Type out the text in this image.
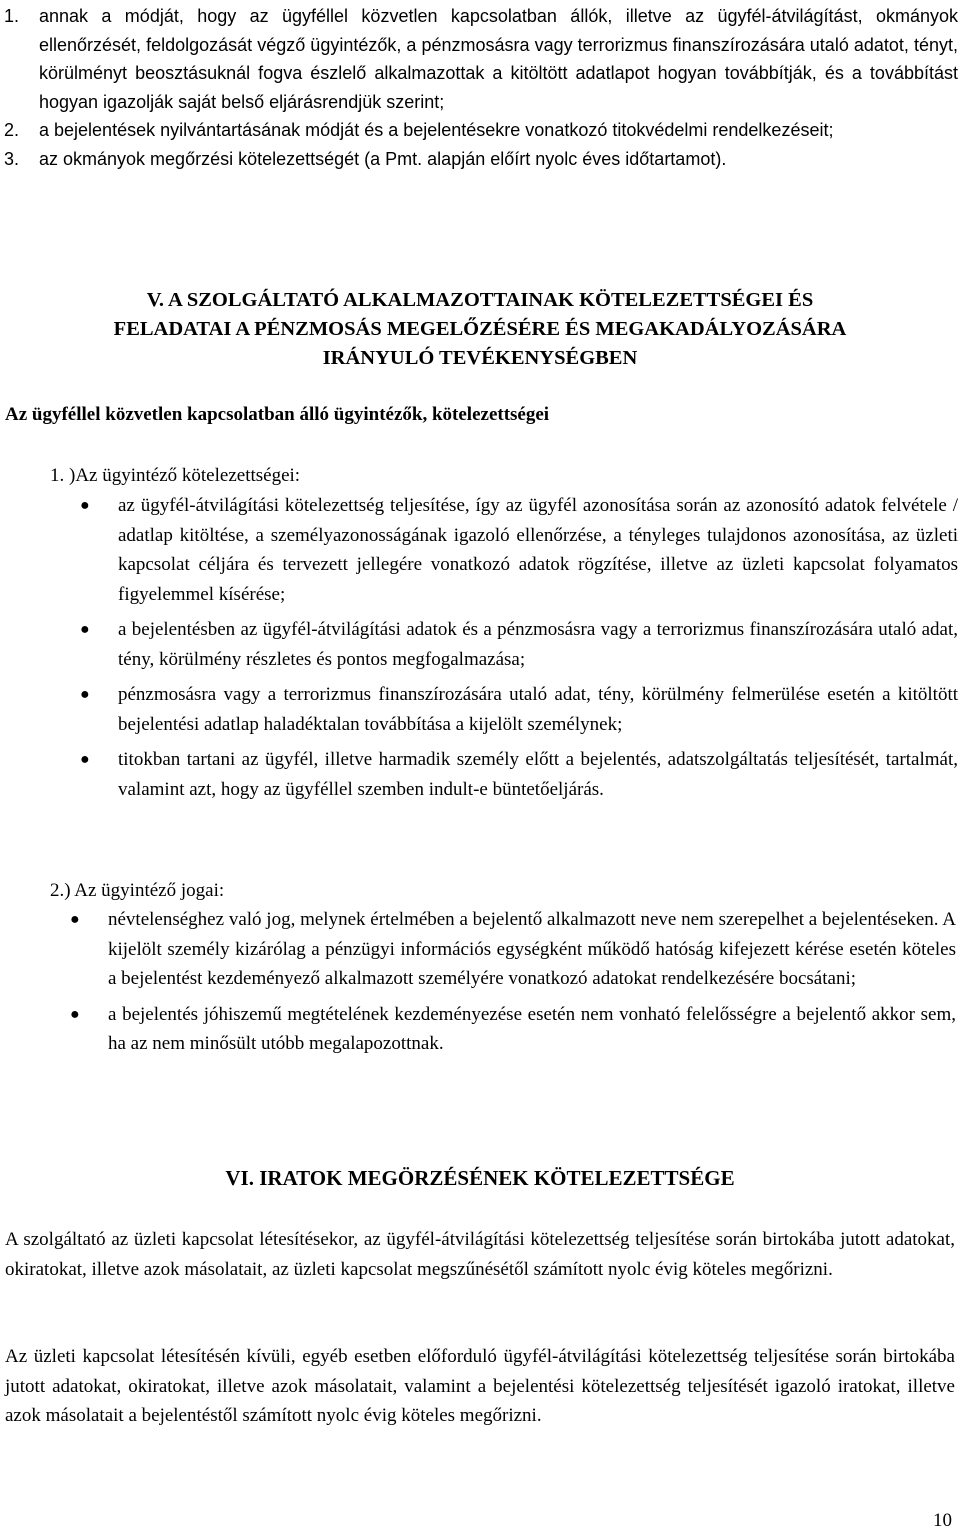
1. annak a módját, hogy az ügyféllel közvetlen kapcsolatban állók, illetve az ügyfél-átvilágítást, okmányok ellenőrzését, feldolgozását végző ügyintézők, a pénzmosásra vagy terrorizmus finanszírozására utaló adatot, tényt, körülményt beosztásuknál fogva észlelő alkalmazottak a kitöltött adatlapot hogyan továbbítják, és a továbbítást hogyan igazolják saját belső eljárásrendjük szerint;
2. a bejelentések nyilvántartásának módját és a bejelentésekre vonatkozó titokvédelmi rendelkezéseit;
3. az okmányok megőrzési kötelezettségét (a Pmt. alapján előírt nyolc éves időtartamot).
V. A SZOLGÁLTATÓ ALKALMAZOTTAINAK KÖTELEZETTSÉGEI ÉS
FELADATAI A PÉNZMOSÁS MEGELŐZÉSÉRE ÉS MEGAKADÁLYOZÁSÁRA
IRÁNYULÓ TEVÉKENYSÉGBEN
Az ügyféllel közvetlen kapcsolatban álló ügyintézők, kötelezettségei
1. )Az ügyintéző kötelezettségei:
● az ügyfél-átvilágítási kötelezettség teljesítése, így az ügyfél azonosítása során az azonosító adatok felvétele / adatlap kitöltése, a személyazonosságának igazoló ellenőrzése, a tényleges tulajdonos azonosítása, az üzleti kapcsolat céljára és tervezett jellegére vonatkozó adatok rögzítése, illetve az üzleti kapcsolat folyamatos figyelemmel kísérése;
● a bejelentésben az ügyfél-átvilágítási adatok és a pénzmosásra vagy a terrorizmus finanszírozására utaló adat, tény, körülmény részletes és pontos megfogalmazása;
● pénzmosásra vagy a terrorizmus finanszírozására utaló adat, tény, körülmény felmerülése esetén a kitöltött bejelentési adatlap haladéktalan továbbítása a kijelölt személynek;
● titokban tartani az ügyfél, illetve harmadik személy előtt a bejelentés, adatszolgáltatás teljesítését, tartalmát, valamint azt, hogy az ügyféllel szemben indult-e büntetőeljárás.
2.) Az ügyintéző jogai:
● névtelenséghez való jog, melynek értelmében a bejelentő alkalmazott neve nem szerepelhet a bejelentéseken. A kijelölt személy kizárólag a pénzügyi információs egységként működő hatóság kifejezett kérése esetén köteles a bejelentést kezdeményező alkalmazott személyére vonatkozó adatokat rendelkezésére bocsátani;
● a bejelentés jóhiszemű megtételének kezdeményezése esetén nem vonható felelősségre a bejelentő akkor sem, ha az nem minősült utóbb megalapozottnak.
VI. IRATOK MEGÖRZÉSÉNEK KÖTELEZETTSÉGE
A szolgáltató az üzleti kapcsolat létesítésekor, az ügyfél-átvilágítási kötelezettség teljesítése során birtokába jutott adatokat, okiratokat, illetve azok másolatait, az üzleti kapcsolat megszűnésétől számított nyolc évig köteles megőrizni.
Az üzleti kapcsolat létesítésén kívüli, egyéb esetben előforduló ügyfél-átvilágítási kötelezettség teljesítése során birtokába jutott adatokat, okiratokat, illetve azok másolatait, valamint a bejelentési kötelezettség teljesítését igazoló iratokat, illetve azok másolatait a bejelentéstől számított nyolc évig köteles megőrizni.
10
